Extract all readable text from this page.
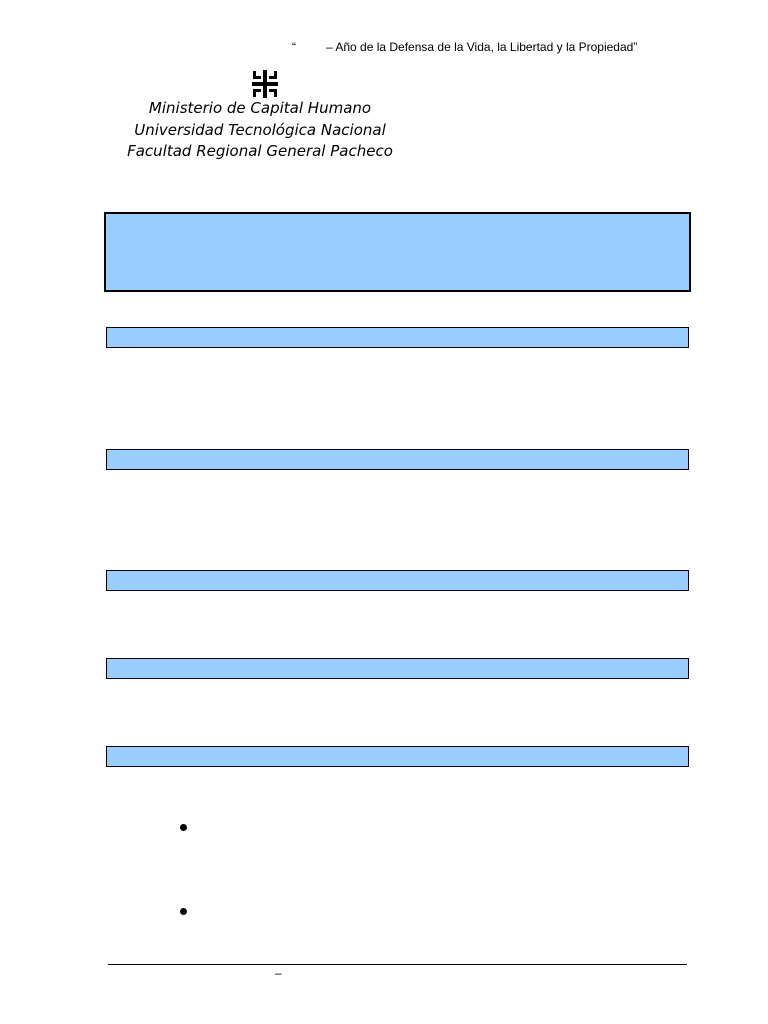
“	– Año de la Defensa de la Vida, la Libertad y la Propiedad”
Ministerio de Capital Humano
Universidad Tecnológica Nacional
Facultad Regional General Pacheco
–
